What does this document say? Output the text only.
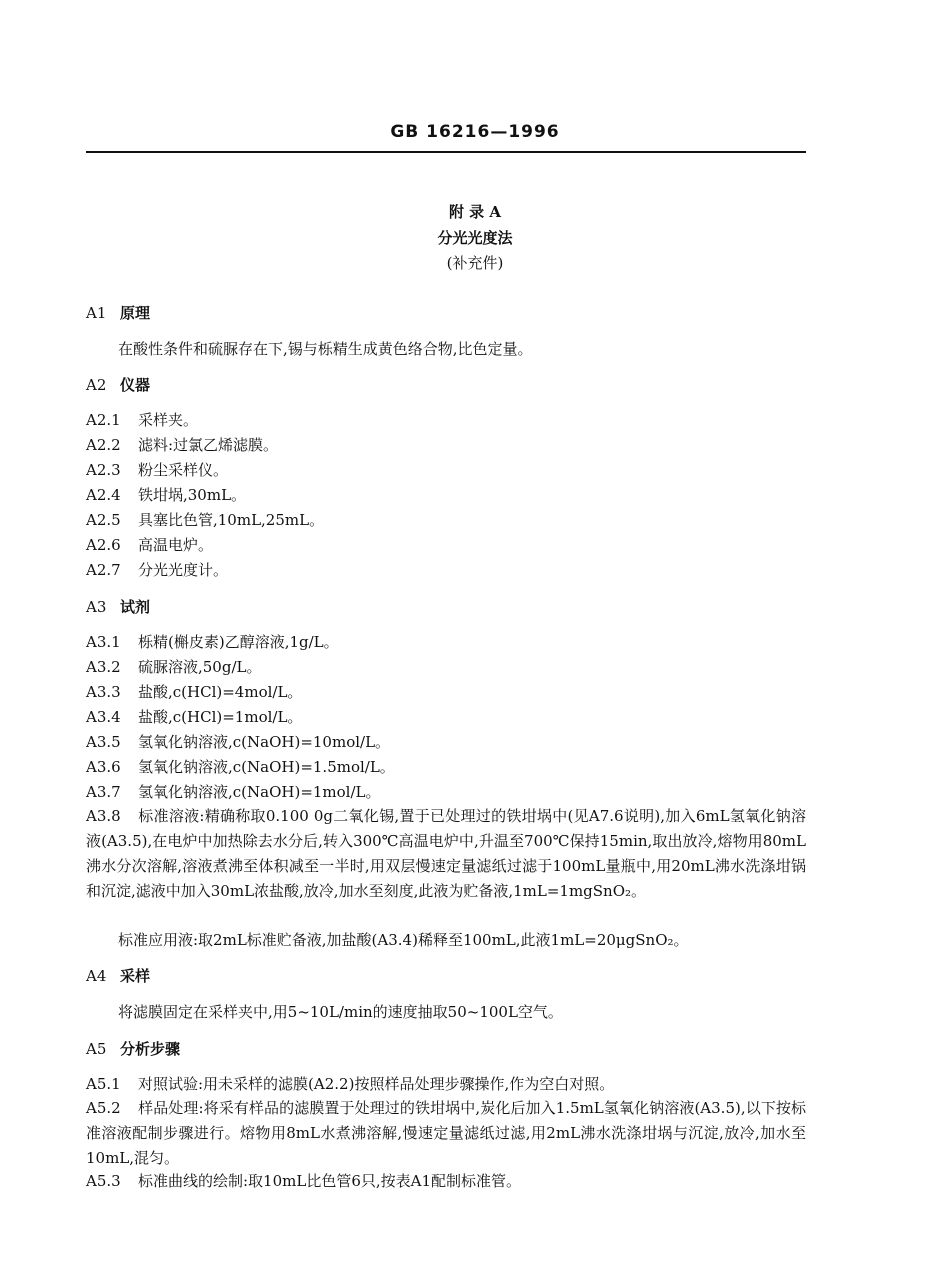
GB 16216—1996
附 录 A
分光光度法
(补充件)
A1 原理
在酸性条件和硫脲存在下,锡与栎精生成黄色络合物,比色定量。
A2 仪器
A2.1 采样夹。
A2.2 滤料:过氯乙烯滤膜。
A2.3 粉尘采样仪。
A2.4 铁坩埚,30mL。
A2.5 具塞比色管,10mL,25mL。
A2.6 高温电炉。
A2.7 分光光度计。
A3 试剂
A3.1 栎精(槲皮素)乙醇溶液,1g/L。
A3.2 硫脲溶液,50g/L。
A3.3 盐酸,c(HCl)=4mol/L。
A3.4 盐酸,c(HCl)=1mol/L。
A3.5 氢氧化钠溶液,c(NaOH)=10mol/L。
A3.6 氢氧化钠溶液,c(NaOH)=1.5mol/L。
A3.7 氢氧化钠溶液,c(NaOH)=1mol/L。
A3.8 标准溶液:精确称取0.100 0g二氧化锡,置于已处理过的铁坩埚中(见A7.6说明),加入6mL氢氧化钠溶液(A3.5),在电炉中加热除去水分后,转入300℃高温电炉中,升温至700℃保持15min,取出放冷,熔物用80mL沸水分次溶解,溶液煮沸至体积减至一半时,用双层慢速定量滤纸过滤于100mL量瓶中,用20mL沸水洗涤坩锅和沉淀,滤液中加入30mL浓盐酸,放冷,加水至刻度,此液为贮备液,1mL=1mgSnO₂。
标准应用液:取2mL标准贮备液,加盐酸(A3.4)稀释至100mL,此液1mL=20μgSnO₂。
A4 采样
将滤膜固定在采样夹中,用5~10L/min的速度抽取50~100L空气。
A5 分析步骤
A5.1 对照试验:用未采样的滤膜(A2.2)按照样品处理步骤操作,作为空白对照。
A5.2 样品处理:将采有样品的滤膜置于处理过的铁坩埚中,炭化后加入1.5mL氢氧化钠溶液(A3.5),以下按标准溶液配制步骤进行。熔物用8mL水煮沸溶解,慢速定量滤纸过滤,用2mL沸水洗涤坩埚与沉淀,放冷,加水至10mL,混匀。
A5.3 标准曲线的绘制:取10mL比色管6只,按表A1配制标准管。
